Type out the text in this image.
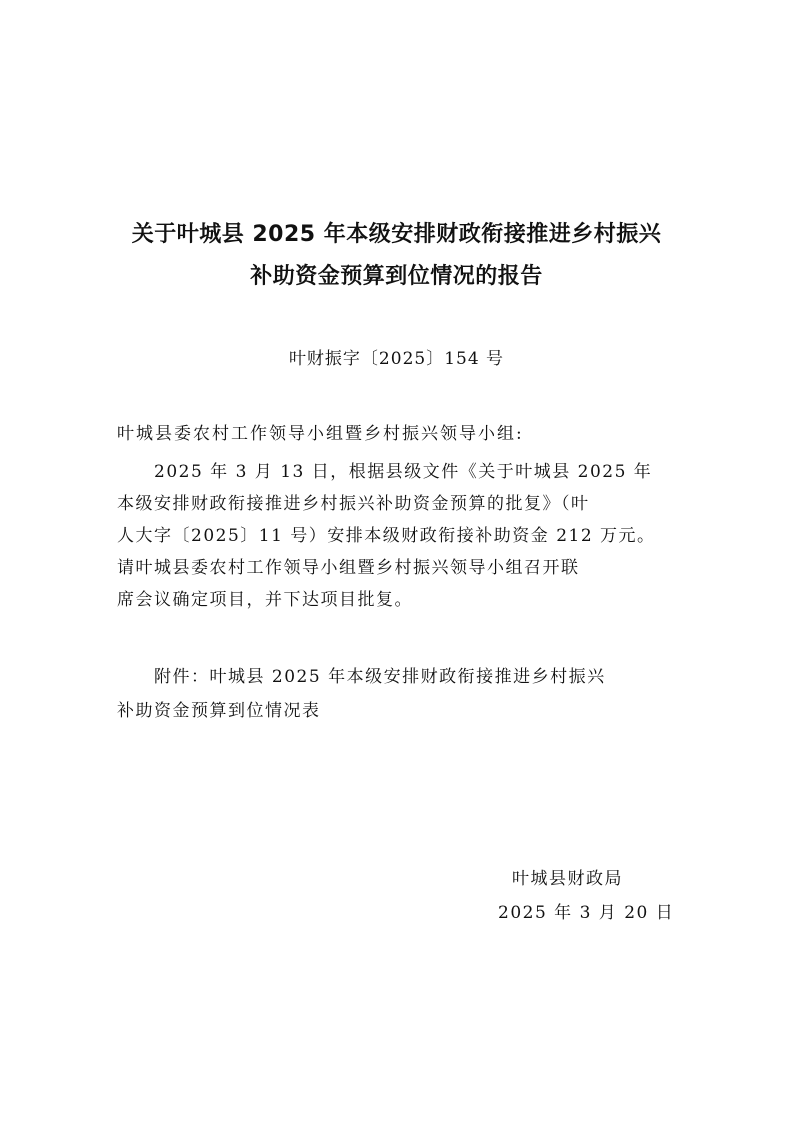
关于叶城县 2025 年本级安排财政衔接推进乡村振兴
补助资金预算到位情况的报告
叶财振字〔2025〕154 号
叶城县委农村工作领导小组暨乡村振兴领导小组:
　　2025 年 3 月 13 日，根据县级文件《关于叶城县 2025 年
本级安排财政衔接推进乡村振兴补助资金预算的批复》（叶
人大字〔2025〕11 号）安排本级财政衔接补助资金 212 万元。
请叶城县委农村工作领导小组暨乡村振兴领导小组召开联
席会议确定项目，并下达项目批复。
　　附件：叶城县 2025 年本级安排财政衔接推进乡村振兴
补助资金预算到位情况表
叶城县财政局
2025 年 3 月 20 日
